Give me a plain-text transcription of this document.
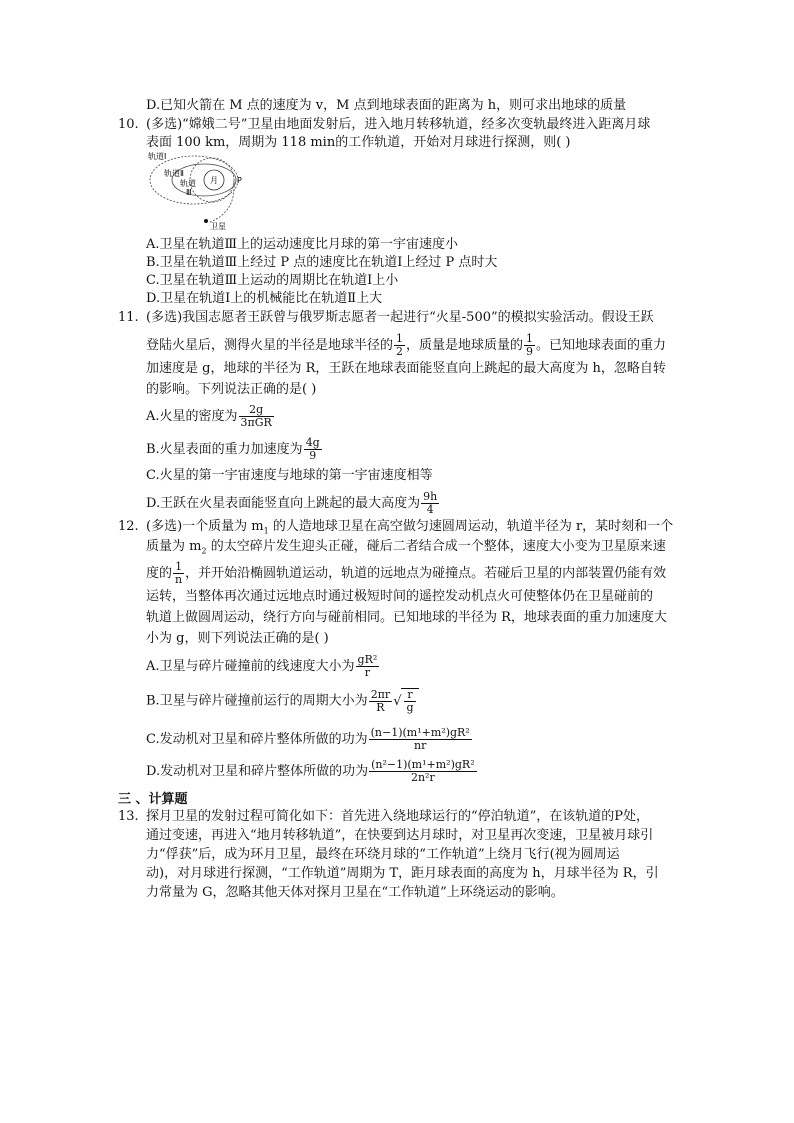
D.已知火箭在 M 点的速度为 v，M 点到地球表面的距离为 h，则可求出地球的质量
10. (多选)“嫦娥二号”卫星由地面发射后，进入地月转移轨道，经多次变轨最终进入距离月球
表面 100 km，周期为 118 min的工作轨道，开始对月球进行探测，则( )
轨道Ⅰ
轨道Ⅱ
轨道
Ⅲ
月 P
卫星
A.卫星在轨道Ⅲ上的运动速度比月球的第一宇宙速度小
B.卫星在轨道Ⅲ上经过 P 点的速度比在轨道Ⅰ上经过 P 点时大
C.卫星在轨道Ⅲ上运动的周期比在轨道Ⅰ上小
D.卫星在轨道Ⅰ上的机械能比在轨道Ⅱ上大
11. (多选)我国志愿者王跃曾与俄罗斯志愿者一起进行“火星-500”的模拟实验活动。假设王跃
登陆火星后，测得火星的半径是地球半径的 $\frac{1}{2}$ ，质量是地球质量的 $\frac{1}{9}$ 。已知地球表面的重力
加速度是 g，地球的半径为 R，王跃在地球表面能竖直向上跳起的最大高度为 h，忽略自转
的影响。下列说法正确的是( )
A.火星的密度为 $\frac{2g}{\text{3πGR}}$
B.火星表面的重力加速度为 $\frac{4g}{9}$
C.火星的第一宇宙速度与地球的第一宇宙速度相等
D.王跃在火星表面能竖直向上跳起的最大高度为 $\frac{9h}{4}$
12. (多选)一个质量为 $m_1$ 的人造地球卫星在高空做匀速圆周运动，轨道半径为 r，某时刻和一个
质量为 $m_2$ 的太空碎片发生迎头正碰，碰后二者结合成一个整体，速度大小变为卫星原来速
度的 $\frac{1}{n}$ ，并开始沿椭圆轨道运动，轨道的远地点为碰撞点。若碰后卫星的内部装置仍能有效
运转，当整体再次通过远地点时通过极短时间的遥控发动机点火可使整体仍在卫星碰前的
轨道上做圆周运动，绕行方向与碰前相同。已知地球的半径为 R，地球表面的重力加速度大
小为 g，则下列说法正确的是( )
A.卫星与碎片碰撞前的线速度大小为 $\frac{\text{gR²}}{r}$
B.卫星与碎片碰撞前运行的周期大小为 $\frac{2\pi r}{R}$ √ $\frac{r}{g}$
C.发动机对卫星和碎片整体所做的功为 $\frac{\text{(n−1)(m¹+m²)gR²}}{nr}$
D.发动机对卫星和碎片整体所做的功为 $\frac{\text{(n²−1)(m¹+m²)gR²}}{\text{2n²r}}$
三 、计算题
13. 探月卫星的发射过程可简化如下：首先进入绕地球运行的“停泊轨道”，在该轨道的P处，
通过变速，再进入“地月转移轨道”，在快要到达月球时，对卫星再次变速，卫星被月球引
力“俘获”后，成为环月卫星，最终在环绕月球的“工作轨道”上绕月飞行(视为圆周运
动)，对月球进行探测，“工作轨道”周期为 T，距月球表面的高度为 h，月球半径为 R，引
力常量为 G，忽略其他天体对探月卫星在“工作轨道”上环绕运动的影响。
